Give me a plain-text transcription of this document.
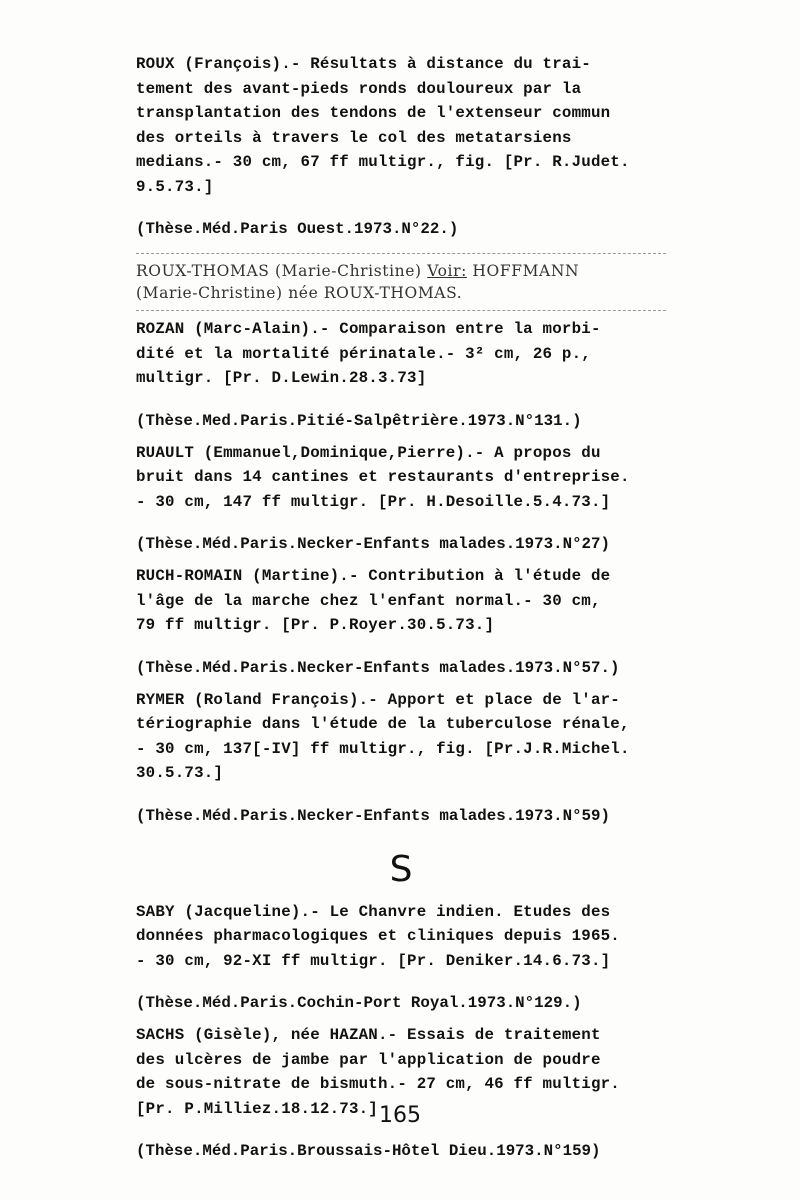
ROUX (François).- Résultats à distance du trai-
tement des avant-pieds ronds douloureux par la
transplantation des tendons de l'extenseur commun
des orteils à travers le col des metatarsiens
medians.- 30 cm, 67 ff multigr., fig. [Pr. R.Judet.
9.5.73.]

(Thèse.Méd.Paris Ouest.1973.N°22.)

ROUX-THOMAS (Marie-Christine) Voir: HOFFMANN
(Marie-Christine) née ROUX-THOMAS.

ROZAN (Marc-Alain).- Comparaison entre la morbi-
dité et la mortalité périnatale.- 3² cm, 26 p.,
multigr. [Pr. D.Lewin.28.3.73]

(Thèse.Med.Paris.Pitié-Salpêtrière.1973.N°131.)

RUAULT (Emmanuel,Dominique,Pierre).- A propos du
bruit dans 14 cantines et restaurants d'entreprise.
- 30 cm, 147 ff multigr. [Pr. H.Desoille.5.4.73.]

(Thèse.Méd.Paris.Necker-Enfants malades.1973.N°27)

RUCH-ROMAIN (Martine).- Contribution à l'étude de
l'âge de la marche chez l'enfant normal.- 30 cm,
79 ff multigr. [Pr. P.Royer.30.5.73.]

(Thèse.Méd.Paris.Necker-Enfants malades.1973.N°57.)

RYMER (Roland François).- Apport et place de l'ar-
tériographie dans l'étude de la tuberculose rénale,
- 30 cm, 137[-IV] ff multigr., fig. [Pr.J.R.Michel.
30.5.73.]

(Thèse.Méd.Paris.Necker-Enfants malades.1973.N°59)

S

SABY (Jacqueline).- Le Chanvre indien. Etudes des
données pharmacologiques et cliniques depuis 1965.
- 30 cm, 92-XI ff multigr. [Pr. Deniker.14.6.73.]

(Thèse.Méd.Paris.Cochin-Port Royal.1973.N°129.)

SACHS (Gisèle), née HAZAN.- Essais de traitement
des ulcères de jambe par l'application de poudre
de sous-nitrate de bismuth.- 27 cm, 46 ff multigr.
[Pr. P.Milliez.18.12.73.]

(Thèse.Méd.Paris.Broussais-Hôtel Dieu.1973.N°159)

165
